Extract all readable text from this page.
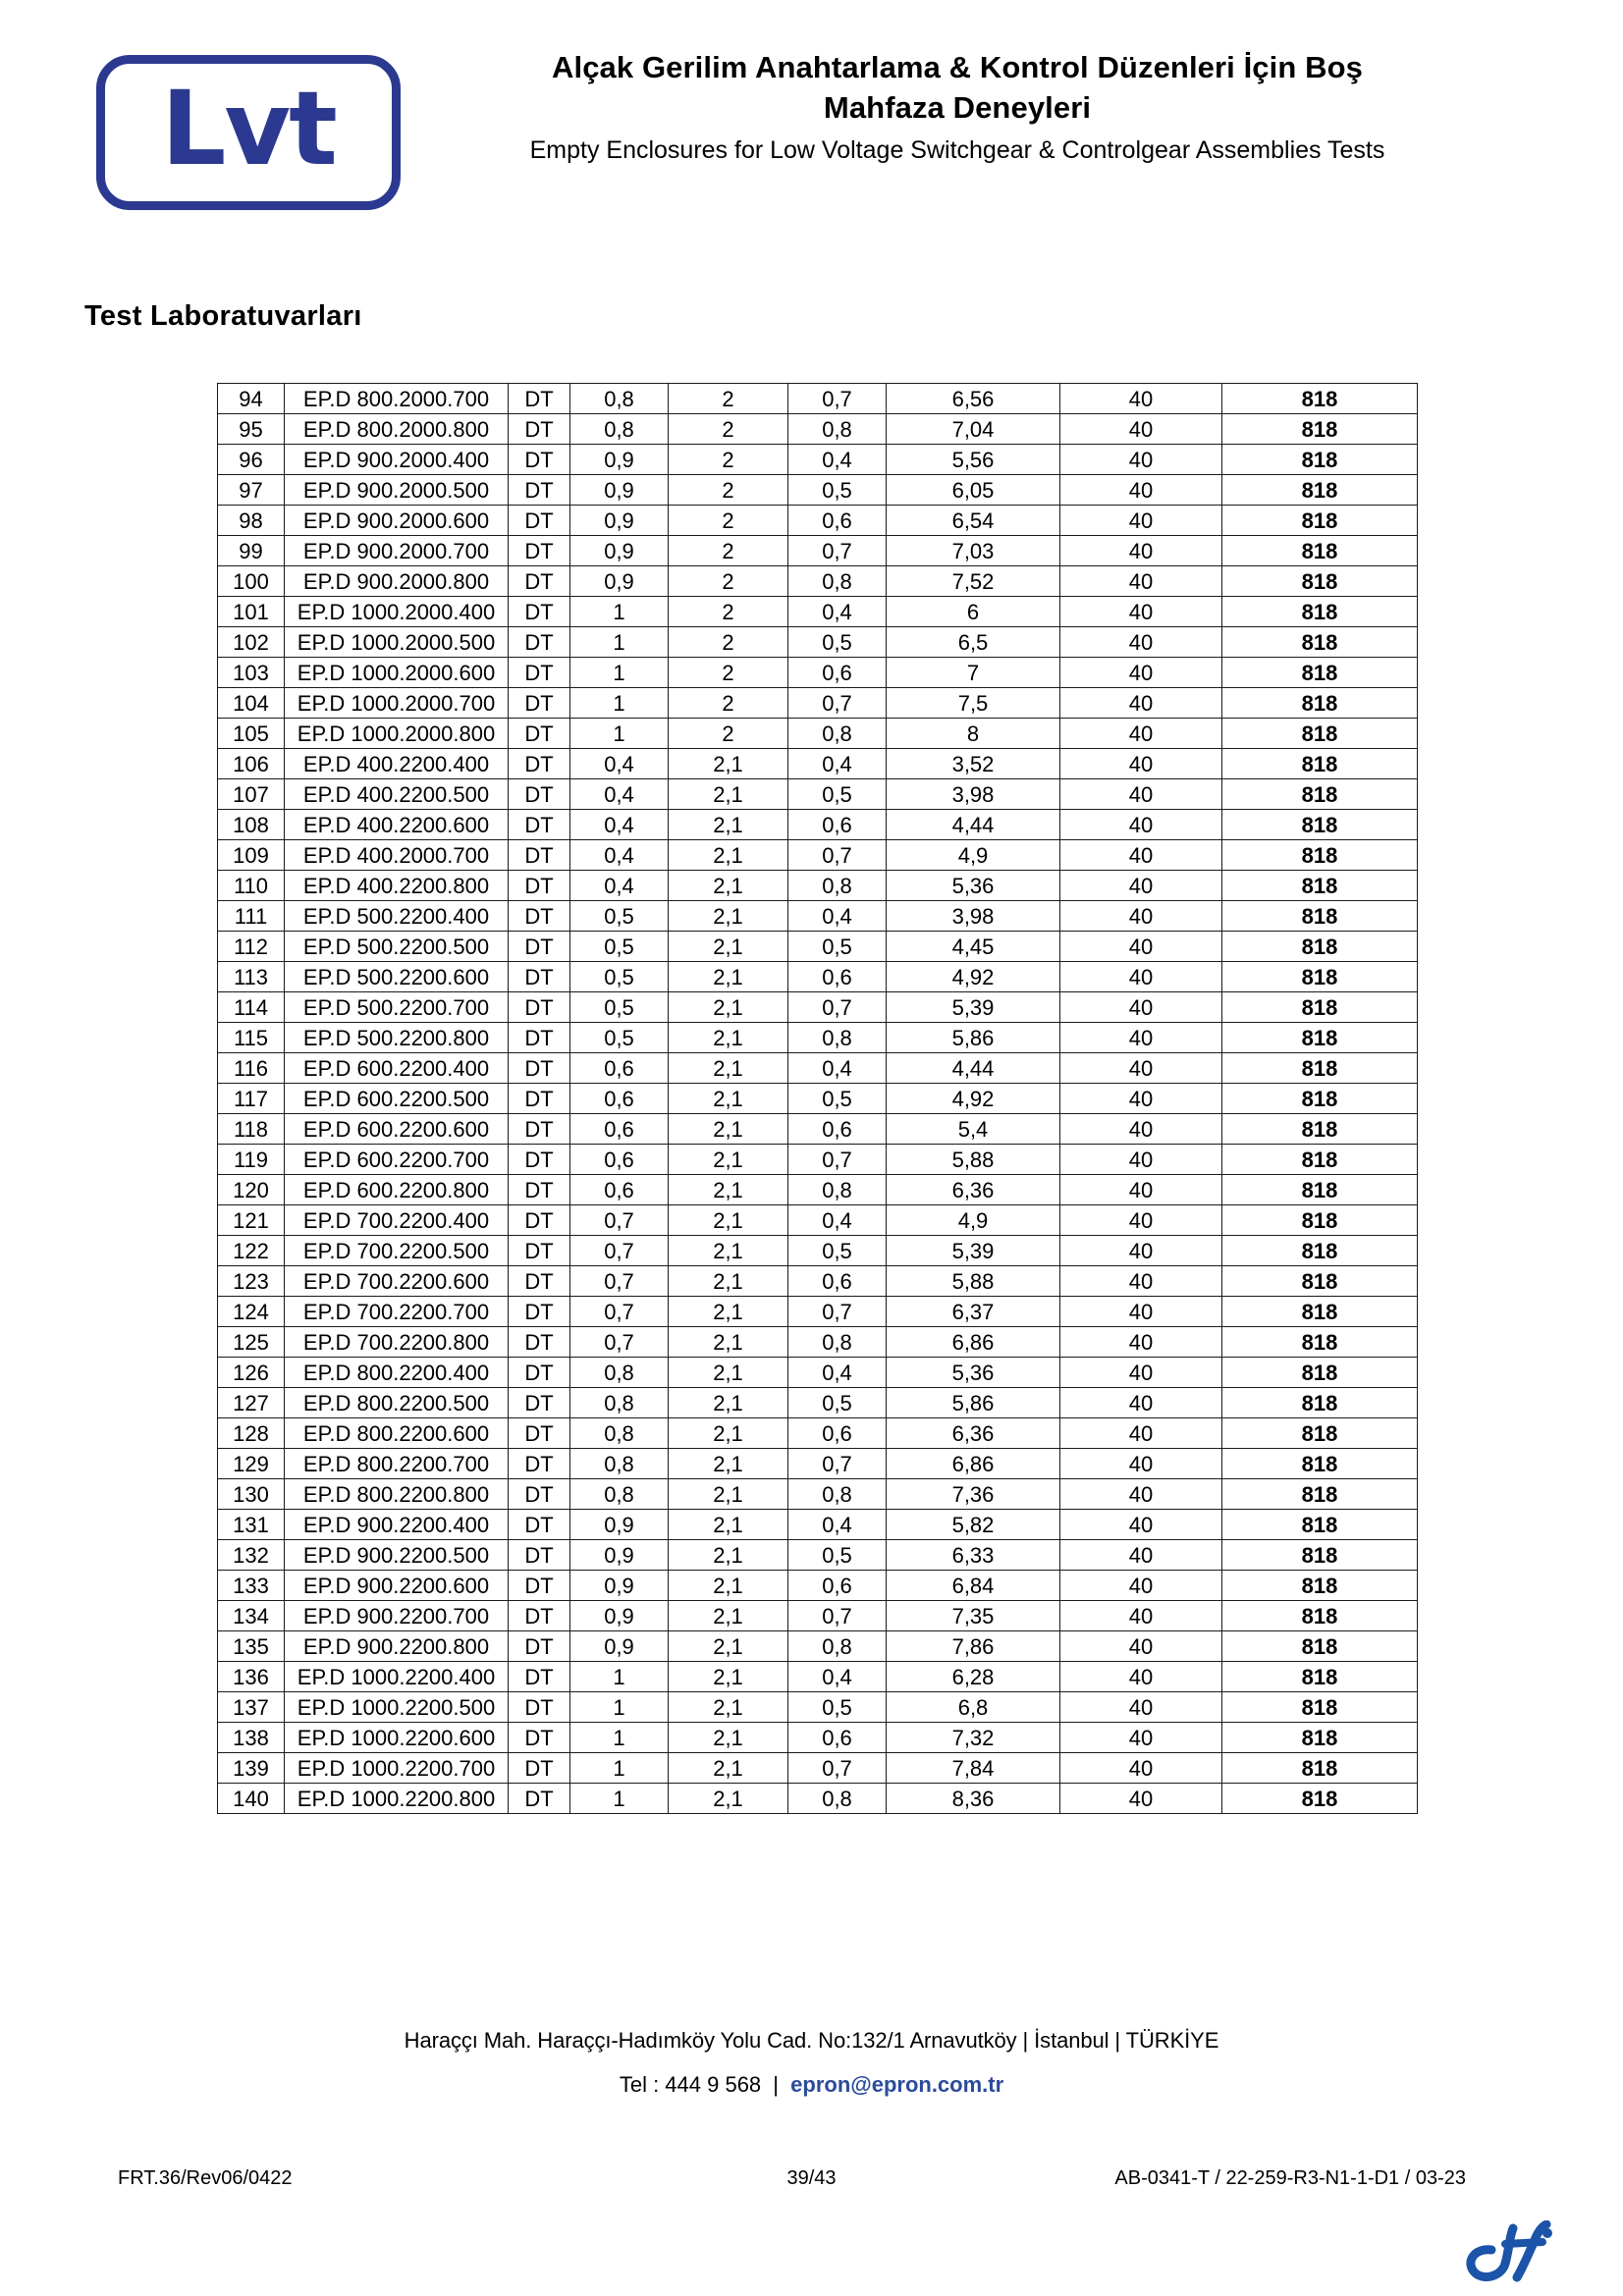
Lvt
Test Laboratuvarları
Alçak Gerilim Anahtarlama & Kontrol Düzenleri İçin Boş
Mahfaza Deneyleri
Empty Enclosures for Low Voltage Switchgear & Controlgear Assemblies Tests
94	EP.D 800.2000.700	DT	0,8	2	0,7	6,56	40	818
95	EP.D 800.2000.800	DT	0,8	2	0,8	7,04	40	818
96	EP.D 900.2000.400	DT	0,9	2	0,4	5,56	40	818
97	EP.D 900.2000.500	DT	0,9	2	0,5	6,05	40	818
98	EP.D 900.2000.600	DT	0,9	2	0,6	6,54	40	818
99	EP.D 900.2000.700	DT	0,9	2	0,7	7,03	40	818
100	EP.D 900.2000.800	DT	0,9	2	0,8	7,52	40	818
101	EP.D 1000.2000.400	DT	1	2	0,4	6	40	818
102	EP.D 1000.2000.500	DT	1	2	0,5	6,5	40	818
103	EP.D 1000.2000.600	DT	1	2	0,6	7	40	818
104	EP.D 1000.2000.700	DT	1	2	0,7	7,5	40	818
105	EP.D 1000.2000.800	DT	1	2	0,8	8	40	818
106	EP.D 400.2200.400	DT	0,4	2,1	0,4	3,52	40	818
107	EP.D 400.2200.500	DT	0,4	2,1	0,5	3,98	40	818
108	EP.D 400.2200.600	DT	0,4	2,1	0,6	4,44	40	818
109	EP.D 400.2000.700	DT	0,4	2,1	0,7	4,9	40	818
110	EP.D 400.2200.800	DT	0,4	2,1	0,8	5,36	40	818
111	EP.D 500.2200.400	DT	0,5	2,1	0,4	3,98	40	818
112	EP.D 500.2200.500	DT	0,5	2,1	0,5	4,45	40	818
113	EP.D 500.2200.600	DT	0,5	2,1	0,6	4,92	40	818
114	EP.D 500.2200.700	DT	0,5	2,1	0,7	5,39	40	818
115	EP.D 500.2200.800	DT	0,5	2,1	0,8	5,86	40	818
116	EP.D 600.2200.400	DT	0,6	2,1	0,4	4,44	40	818
117	EP.D 600.2200.500	DT	0,6	2,1	0,5	4,92	40	818
118	EP.D 600.2200.600	DT	0,6	2,1	0,6	5,4	40	818
119	EP.D 600.2200.700	DT	0,6	2,1	0,7	5,88	40	818
120	EP.D 600.2200.800	DT	0,6	2,1	0,8	6,36	40	818
121	EP.D 700.2200.400	DT	0,7	2,1	0,4	4,9	40	818
122	EP.D 700.2200.500	DT	0,7	2,1	0,5	5,39	40	818
123	EP.D 700.2200.600	DT	0,7	2,1	0,6	5,88	40	818
124	EP.D 700.2200.700	DT	0,7	2,1	0,7	6,37	40	818
125	EP.D 700.2200.800	DT	0,7	2,1	0,8	6,86	40	818
126	EP.D 800.2200.400	DT	0,8	2,1	0,4	5,36	40	818
127	EP.D 800.2200.500	DT	0,8	2,1	0,5	5,86	40	818
128	EP.D 800.2200.600	DT	0,8	2,1	0,6	6,36	40	818
129	EP.D 800.2200.700	DT	0,8	2,1	0,7	6,86	40	818
130	EP.D 800.2200.800	DT	0,8	2,1	0,8	7,36	40	818
131	EP.D 900.2200.400	DT	0,9	2,1	0,4	5,82	40	818
132	EP.D 900.2200.500	DT	0,9	2,1	0,5	6,33	40	818
133	EP.D 900.2200.600	DT	0,9	2,1	0,6	6,84	40	818
134	EP.D 900.2200.700	DT	0,9	2,1	0,7	7,35	40	818
135	EP.D 900.2200.800	DT	0,9	2,1	0,8	7,86	40	818
136	EP.D 1000.2200.400	DT	1	2,1	0,4	6,28	40	818
137	EP.D 1000.2200.500	DT	1	2,1	0,5	6,8	40	818
138	EP.D 1000.2200.600	DT	1	2,1	0,6	7,32	40	818
139	EP.D 1000.2200.700	DT	1	2,1	0,7	7,84	40	818
140	EP.D 1000.2200.800	DT	1	2,1	0,8	8,36	40	818
Haraççı Mah. Haraççı-Hadımköy Yolu Cad. No:132/1 Arnavutköy | İstanbul | TÜRKİYE
Tel : 444 9 568 | epron@epron.com.tr
FRT.36/Rev06/0422	39/43	AB-0341-T / 22-259-R3-N1-1-D1 / 03-23
